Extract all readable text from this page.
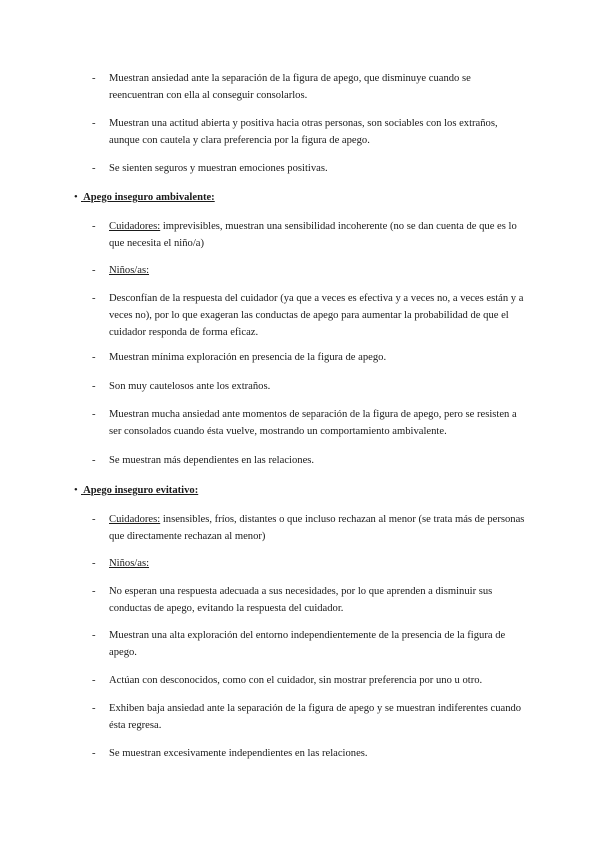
-	Muestran ansiedad ante la separación de la figura de apego, que disminuye cuando se reencuentran con ella al conseguir consolarlos.
-	Muestran una actitud abierta y positiva hacia otras personas, son sociables con los extraños, aunque con cautela y clara preferencia por la figura de apego.
-	Se sienten seguros y muestran emociones positivas.
• Apego inseguro ambivalente:
-	Cuidadores: imprevisibles, muestran una sensibilidad incoherente (no se dan cuenta de que es lo que necesita el niño/a)
-	Niños/as:
-	Desconfían de la respuesta del cuidador (ya que a veces es efectiva y a veces no, a veces están y a veces no), por lo que exageran las conductas de apego para aumentar la probabilidad de que el cuidador responda de forma eficaz.
-	Muestran mínima exploración en presencia de la figura de apego.
-	Son muy cautelosos ante los extraños.
-	Muestran mucha ansiedad ante momentos de separación de la figura de apego, pero se resisten a ser consolados cuando ésta vuelve, mostrando un comportamiento ambivalente.
-	Se muestran más dependientes en las relaciones.
• Apego inseguro evitativo:
-	Cuidadores: insensibles, fríos, distantes o que incluso rechazan al menor (se trata más de personas que directamente rechazan al menor)
-	Niños/as:
-	No esperan una respuesta adecuada a sus necesidades, por lo que aprenden a disminuir sus conductas de apego, evitando la respuesta del cuidador.
-	Muestran una alta exploración del entorno independientemente de la presencia de la figura de apego.
-	Actúan con desconocidos, como con el cuidador, sin mostrar preferencia por uno u otro.
-	Exhiben baja ansiedad ante la separación de la figura de apego y se muestran indiferentes cuando ésta regresa.
-	Se muestran excesivamente independientes en las relaciones.
